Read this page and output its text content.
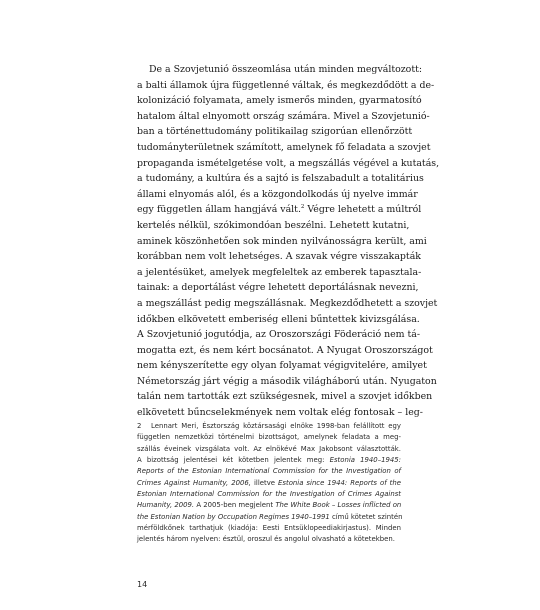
De a Szovjetunió összeomlása után minden megváltozott:
a balti államok újra függetlenné váltak, és megkezdődött a de-
kolonizáció folyamata, amely ismerős minden, gyarmatosító
hatalom által elnyomott ország számára. Mivel a Szovjetunió-
ban a történettudomány politikailag szigorúan ellenőrzött
tudományterületnek számított, amelynek fő feladata a szovjet
propaganda ismételgetése volt, a megszállás végével a kutatás,
a tudomány, a kultúra és a sajtó is felszabadult a totalitárius
állami elnyomás alól, és a közgondolkodás új nyelve immár
egy független állam hangjává vált.$^2$ Végre lehetett a múltról
kertelés nélkül, szókimondóan beszélni. Lehetett kutatni,
aminek köszönhetően sok minden nyilvánosságra került, ami
korábban nem volt lehetséges. A szavak végre visszakapták
a jelentésüket, amelyek megfeleltek az emberek tapasztala-
tainak: a deportálást végre lehetett deportálásnak nevezni,
a megszállást pedig megszállásnak. Megkezdődhetett a szovjet
időkben elkövetett emberiség elleni bűntettek kivizsgálása.
A Szovjetunió jogutódja, az Oroszországi Föderáció nem tá-
mogatta ezt, és nem kért bocsánatot. A Nyugat Oroszországot
nem kényszerítette egy olyan folyamat végigvitelére, amilyet
Németország járt végig a második világháború után. Nyugaton
talán nem tartották ezt szükségesnek, mivel a szovjet időkben
elkövetett bűncselekmények nem voltak elég fontosak – leg-
2 Lennart Meri, Észtország köztársasági elnöke 1998-ban felállított egy
független nemzetközi történelmi bizottságot, amelynek feladata a meg-
szállás éveinek vizsgálata volt. Az elnökévé Max Jakobsont választották.
A bizottság jelentései két kötetben jelentek meg: Estonia 1940–1945:
Reports of the Estonian International Commission for the Investigation of
Crimes Against Humanity, 2006, illetve Estonia since 1944: Reports of the
Estonian International Commission for the Investigation of Crimes Against
Humanity, 2009. A 2005-ben megjelent The White Book – Losses inflicted on
the Estonian Nation by Occupation Regimes 1940–1991 című kötetet szintén
mérföldkőnek tarthatjuk (kiadója: Eesti Entsüklopeediakirjastus). Minden
jelentés három nyelven: észtül, oroszul és angolul olvasható a kötetekben.
14
